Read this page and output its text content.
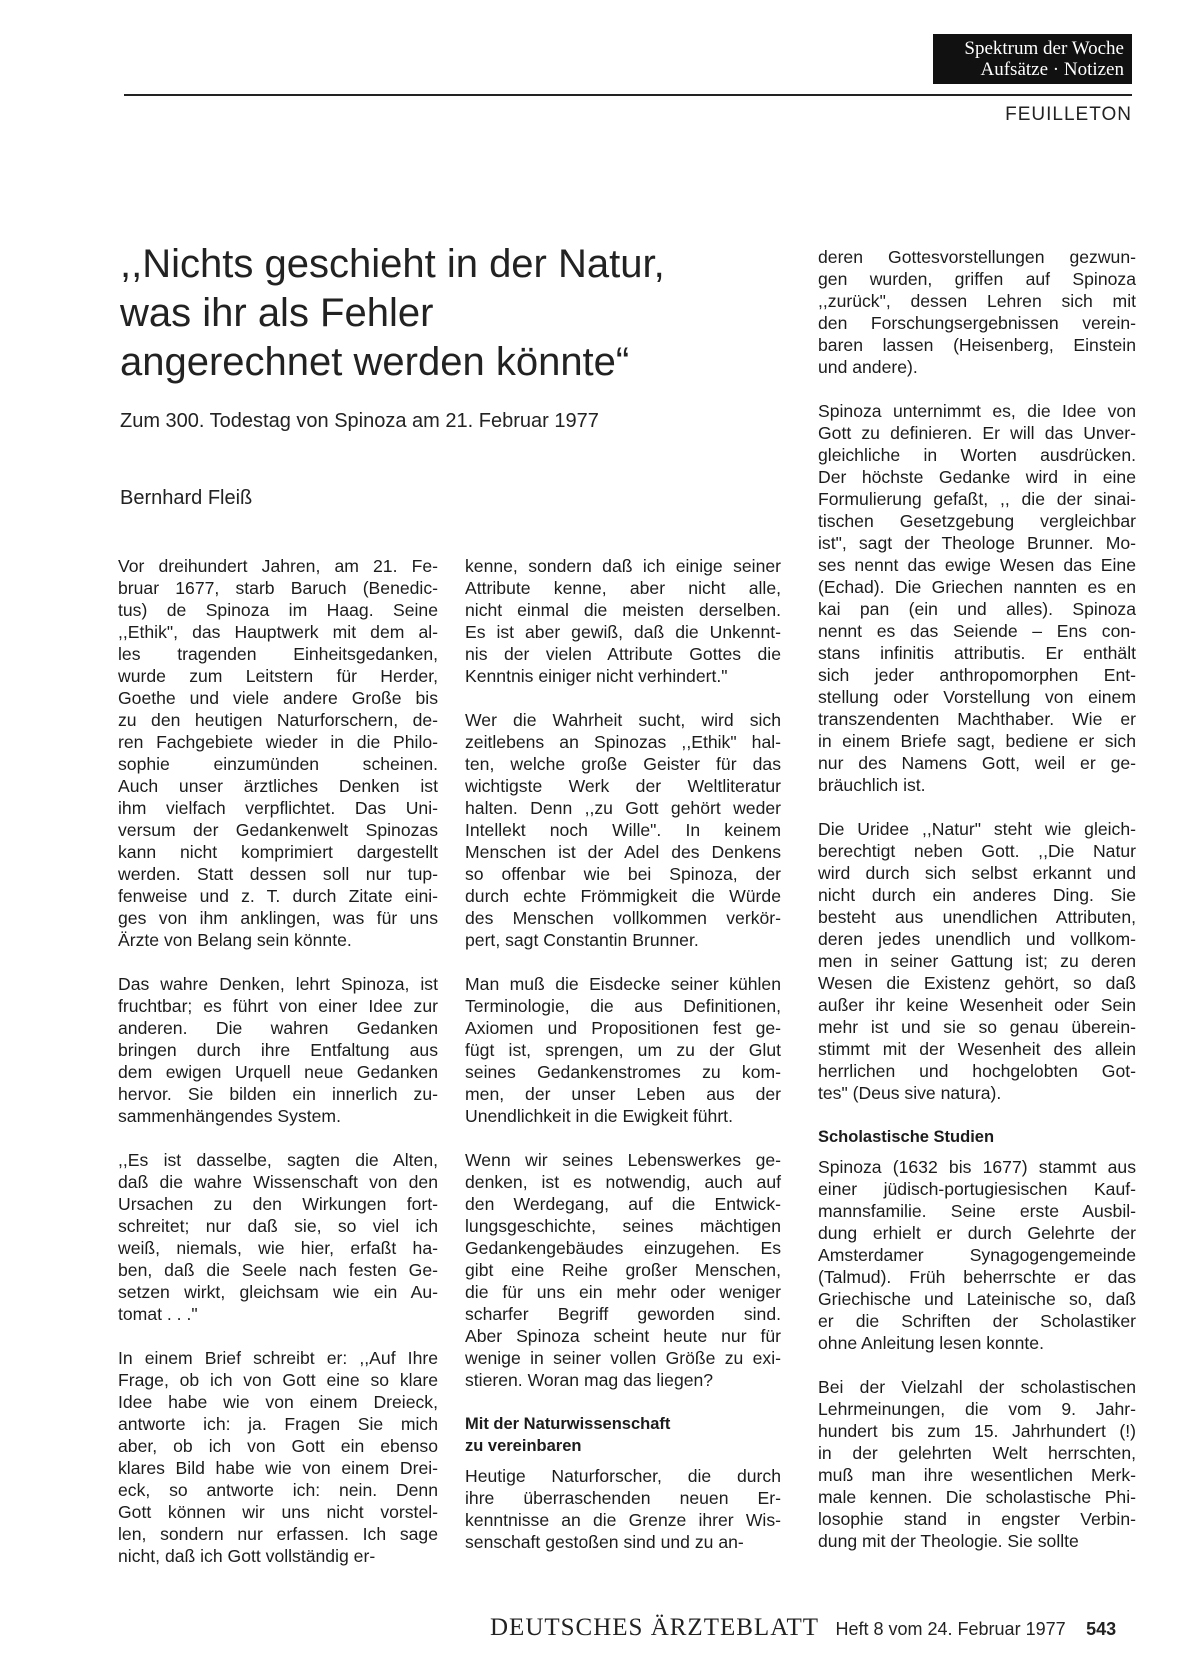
Spektrum der Woche
Aufsätze · Notizen
FEUILLETON
,,Nichts geschieht in der Natur,
was ihr als Fehler
angerechnet werden könnte“
Zum 300. Todestag von Spinoza am 21. Februar 1977
Bernhard Fleiß

Vor dreihundert Jahren, am 21. Fe-
bruar 1677, starb Baruch (Benedic-
tus) de Spinoza im Haag. Seine
,,Ethik", das Hauptwerk mit dem al-
les tragenden Einheitsgedanken,
wurde zum Leitstern für Herder,
Goethe und viele andere Große bis
zu den heutigen Naturforschern, de-
ren Fachgebiete wieder in die Philo-
sophie einzumünden scheinen.
Auch unser ärztliches Denken ist
ihm vielfach verpflichtet. Das Uni-
versum der Gedankenwelt Spinozas
kann nicht komprimiert dargestellt
werden. Statt dessen soll nur tup-
fenweise und z. T. durch Zitate eini-
ges von ihm anklingen, was für uns
Ärzte von Belang sein könnte.

Das wahre Denken, lehrt Spinoza, ist
fruchtbar; es führt von einer Idee zur
anderen. Die wahren Gedanken
bringen durch ihre Entfaltung aus
dem ewigen Urquell neue Gedanken
hervor. Sie bilden ein innerlich zu-
sammenhängendes System.

,,Es ist dasselbe, sagten die Alten,
daß die wahre Wissenschaft von den
Ursachen zu den Wirkungen fort-
schreitet; nur daß sie, so viel ich
weiß, niemals, wie hier, erfaßt ha-
ben, daß die Seele nach festen Ge-
setzen wirkt, gleichsam wie ein Au-
tomat . . ."

In einem Brief schreibt er: ,,Auf Ihre
Frage, ob ich von Gott eine so klare
Idee habe wie von einem Dreieck,
antworte ich: ja. Fragen Sie mich
aber, ob ich von Gott ein ebenso
klares Bild habe wie von einem Drei-
eck, so antworte ich: nein. Denn
Gott können wir uns nicht vorstel-
len, sondern nur erfassen. Ich sage
nicht, daß ich Gott vollständig er-

kenne, sondern daß ich einige seiner
Attribute kenne, aber nicht alle,
nicht einmal die meisten derselben.
Es ist aber gewiß, daß die Unkennt-
nis der vielen Attribute Gottes die
Kenntnis einiger nicht verhindert."

Wer die Wahrheit sucht, wird sich
zeitlebens an Spinozas ,,Ethik" hal-
ten, welche große Geister für das
wichtigste Werk der Weltliteratur
halten. Denn ,,zu Gott gehört weder
Intellekt noch Wille". In keinem
Menschen ist der Adel des Denkens
so offenbar wie bei Spinoza, der
durch echte Frömmigkeit die Würde
des Menschen vollkommen verkör-
pert, sagt Constantin Brunner.

Man muß die Eisdecke seiner kühlen
Terminologie, die aus Definitionen,
Axiomen und Propositionen fest ge-
fügt ist, sprengen, um zu der Glut
seines Gedankenstromes zu kom-
men, der unser Leben aus der
Unendlichkeit in die Ewigkeit führt.

Wenn wir seines Lebenswerkes ge-
denken, ist es notwendig, auch auf
den Werdegang, auf die Entwick-
lungsgeschichte, seines mächtigen
Gedankengebäudes einzugehen. Es
gibt eine Reihe großer Menschen,
die für uns ein mehr oder weniger
scharfer Begriff geworden sind.
Aber Spinoza scheint heute nur für
wenige in seiner vollen Größe zu exi-
stieren. Woran mag das liegen?

Mit der Naturwissenschaft
zu vereinbaren

Heutige Naturforscher, die durch
ihre überraschenden neuen Er-
kenntnisse an die Grenze ihrer Wis-
senschaft gestoßen sind und zu an-

deren Gottesvorstellungen gezwun-
gen wurden, griffen auf Spinoza
,,zurück", dessen Lehren sich mit
den Forschungsergebnissen verein-
baren lassen (Heisenberg, Einstein
und andere).

Spinoza unternimmt es, die Idee von
Gott zu definieren. Er will das Unver-
gleichliche in Worten ausdrücken.
Der höchste Gedanke wird in eine
Formulierung gefaßt, ,, die der sinai-
tischen Gesetzgebung vergleichbar
ist", sagt der Theologe Brunner. Mo-
ses nennt das ewige Wesen das Eine
(Echad). Die Griechen nannten es en
kai pan (ein und alles). Spinoza
nennt es das Seiende – Ens con-
stans infinitis attributis. Er enthält
sich jeder anthropomorphen Ent-
stellung oder Vorstellung von einem
transzendenten Machthaber. Wie er
in einem Briefe sagt, bediene er sich
nur des Namens Gott, weil er ge-
bräuchlich ist.

Die Uridee ,,Natur" steht wie gleich-
berechtigt neben Gott. ,,Die Natur
wird durch sich selbst erkannt und
nicht durch ein anderes Ding. Sie
besteht aus unendlichen Attributen,
deren jedes unendlich und vollkom-
men in seiner Gattung ist; zu deren
Wesen die Existenz gehört, so daß
außer ihr keine Wesenheit oder Sein
mehr ist und sie so genau überein-
stimmt mit der Wesenheit des allein
herrlichen und hochgelobten Got-
tes" (Deus sive natura).

Scholastische Studien

Spinoza (1632 bis 1677) stammt aus
einer jüdisch-portugiesischen Kauf-
mannsfamilie. Seine erste Ausbil-
dung erhielt er durch Gelehrte der
Amsterdamer Synagogengemeinde
(Talmud). Früh beherrschte er das
Griechische und Lateinische so, daß
er die Schriften der Scholastiker
ohne Anleitung lesen konnte.

Bei der Vielzahl der scholastischen
Lehrmeinungen, die vom 9. Jahr-
hundert bis zum 15. Jahrhundert (!)
in der gelehrten Welt herrschten,
muß man ihre wesentlichen Merk-
male kennen. Die scholastische Phi-
losophie stand in engster Verbin-
dung mit der Theologie. Sie sollte

DEUTSCHES ÄRZTEBLATT Heft 8 vom 24. Februar 1977 543
